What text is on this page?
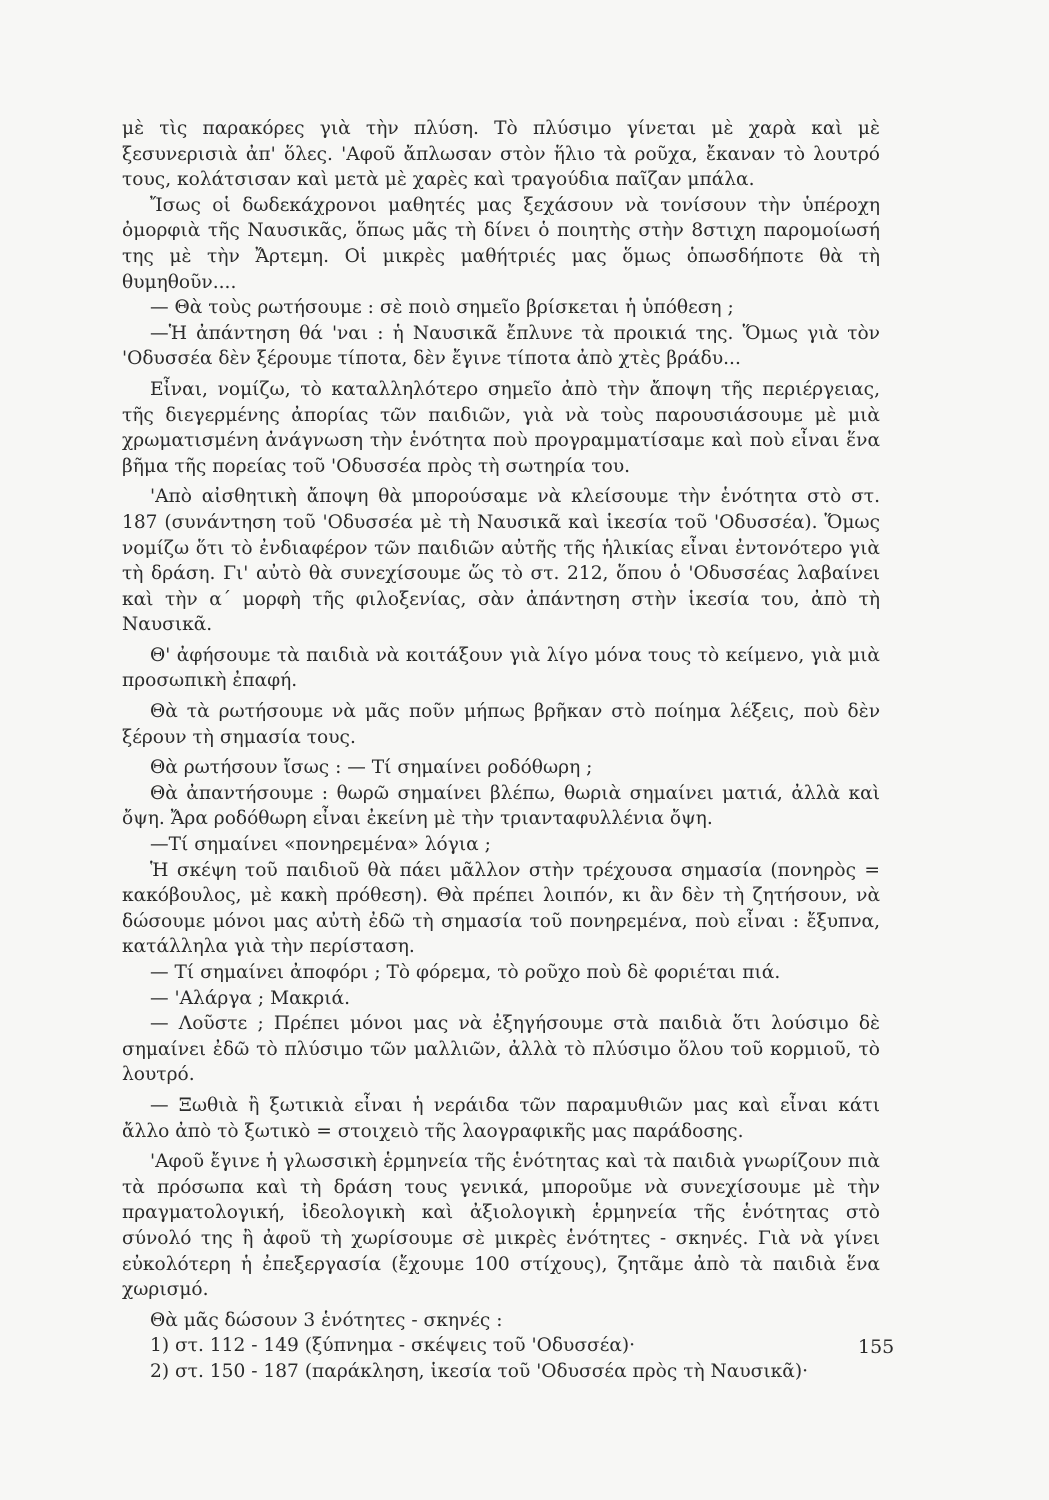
μὲ τὶς παρακόρες γιὰ τὴν πλύση. Τὸ πλύσιμο γίνεται μὲ χαρὰ καὶ μὲ ξεσυνερισιὰ ἀπ' ὅλες. 'Αφοῦ ἄπλωσαν στὸν ἥλιο τὰ ροῦχα, ἔκαναν τὸ λουτρό τους, κολάτσισαν καὶ μετὰ μὲ χαρὲς καὶ τραγούδια παῖζαν μπάλα.

Ἴσως οἱ δωδεκάχρονοι μαθητές μας ξεχάσουν νὰ τονίσουν τὴν ὑπέροχη ὀμορφιὰ τῆς Ναυσικᾶς, ὅπως μᾶς τὴ δίνει ὁ ποιητὴς στὴν 8στιχη παρομοίωσή της μὲ τὴν Ἄρτεμη. Οἱ μικρὲς μαθήτριές μας ὅμως ὁπωσδήποτε θὰ τὴ θυμηθοῦν....

— Θὰ τοὺς ρωτήσουμε : σὲ ποιὸ σημεῖο βρίσκεται ἡ ὑπόθεση ;

—Ἡ ἀπάντηση θά 'ναι : ἡ Ναυσικᾶ ἔπλυνε τὰ προικιά της. Ὅμως γιὰ τὸν 'Οδυσσέα δὲν ξέρουμε τίποτα, δὲν ἔγινε τίποτα ἀπὸ χτὲς βράδυ...

Εἶναι, νομίζω, τὸ καταλληλότερο σημεῖο ἀπὸ τὴν ἄποψη τῆς περιέργειας, τῆς διεγερμένης ἀπορίας τῶν παιδιῶν, γιὰ νὰ τοὺς παρουσιάσουμε μὲ μιὰ χρωματισμένη ἀνάγνωση τὴν ἑνότητα ποὺ προγραμματίσαμε καὶ ποὺ εἶναι ἕνα βῆμα τῆς πορείας τοῦ 'Οδυσσέα πρὸς τὴ σωτηρία του.

'Απὸ αἰσθητικὴ ἄποψη θὰ μπορούσαμε νὰ κλείσουμε τὴν ἑνότητα στὸ στ. 187 (συνάντηση τοῦ 'Οδυσσέα μὲ τὴ Ναυσικᾶ καὶ ἱκεσία τοῦ 'Οδυσσέα). Ὅμως νομίζω ὅτι τὸ ἐνδιαφέρον τῶν παιδιῶν αὐτῆς τῆς ἡλικίας εἶναι ἐντονότερο γιὰ τὴ δράση. Γι' αὐτὸ θὰ συνεχίσουμε ὥς τὸ στ. 212, ὅπου ὁ 'Οδυσσέας λαβαίνει καὶ τὴν α΄ μορφὴ τῆς φιλοξενίας, σὰν ἀπάντηση στὴν ἱκεσία του, ἀπὸ τὴ Ναυσικᾶ.

Θ' ἀφήσουμε τὰ παιδιὰ νὰ κοιτάξουν γιὰ λίγο μόνα τους τὸ κείμενο, γιὰ μιὰ προσωπικὴ ἐπαφή.

Θὰ τὰ ρωτήσουμε νὰ μᾶς ποῦν μήπως βρῆκαν στὸ ποίημα λέξεις, ποὺ δὲν ξέρουν τὴ σημασία τους.

Θὰ ρωτήσουν ἴσως : — Τί σημαίνει ροδόθωρη ;

Θὰ ἀπαντήσουμε : θωρῶ σημαίνει βλέπω, θωριὰ σημαίνει ματιά, ἀλλὰ καὶ ὄψη. Ἄρα ροδόθωρη εἶναι ἐκείνη μὲ τὴν τριανταφυλλένια ὄψη.

—Τί σημαίνει «πονηρεμένα» λόγια ;

Ἡ σκέψη τοῦ παιδιοῦ θὰ πάει μᾶλλον στὴν τρέχουσα σημασία (πονηρὸς = κακόβουλος, μὲ κακὴ πρόθεση). Θὰ πρέπει λοιπόν, κι ἂν δὲν τὴ ζητήσουν, νὰ δώσουμε μόνοι μας αὐτὴ ἐδῶ τὴ σημασία τοῦ πονηρεμένα, ποὺ εἶναι : ἔξυπνα, κατάλληλα γιὰ τὴν περίσταση.

— Τί σημαίνει ἀποφόρι ; Τὸ φόρεμα, τὸ ροῦχο ποὺ δὲ φοριέται πιά.

— 'Αλάργα ; Μακριά.

— Λοῦστε ; Πρέπει μόνοι μας νὰ ἐξηγήσουμε στὰ παιδιὰ ὅτι λούσιμο δὲ σημαίνει ἐδῶ τὸ πλύσιμο τῶν μαλλιῶν, ἀλλὰ τὸ πλύσιμο ὅλου τοῦ κορμιοῦ, τὸ λουτρό.

— Ξωθιὰ ἢ ξωτικιὰ εἶναι ἡ νεράιδα τῶν παραμυθιῶν μας καὶ εἶναι κάτι ἄλλο ἀπὸ τὸ ξωτικὸ = στοιχειὸ τῆς λαογραφικῆς μας παράδοσης.

'Αφοῦ ἔγινε ἡ γλωσσικὴ ἑρμηνεία τῆς ἑνότητας καὶ τὰ παιδιὰ γνωρίζουν πιὰ τὰ πρόσωπα καὶ τὴ δράση τους γενικά, μποροῦμε νὰ συνεχίσουμε μὲ τὴν πραγματολογική, ἰδεολογικὴ καὶ ἀξιολογικὴ ἑρμηνεία τῆς ἑνότητας στὸ σύνολό της ἢ ἀφοῦ τὴ χωρίσουμε σὲ μικρὲς ἑνότητες - σκηνές. Γιὰ νὰ γίνει εὐκολότερη ἡ ἐπεξεργασία (ἔχουμε 100 στίχους), ζητᾶμε ἀπὸ τὰ παιδιὰ ἕνα χωρισμό.

Θὰ μᾶς δώσουν 3 ἑνότητες - σκηνές :

1) στ. 112 - 149 (ξύπνημα - σκέψεις τοῦ 'Οδυσσέα)·

2) στ. 150 - 187 (παράκληση, ἱκεσία τοῦ 'Οδυσσέα πρὸς τὴ Ναυσικᾶ)·

155
